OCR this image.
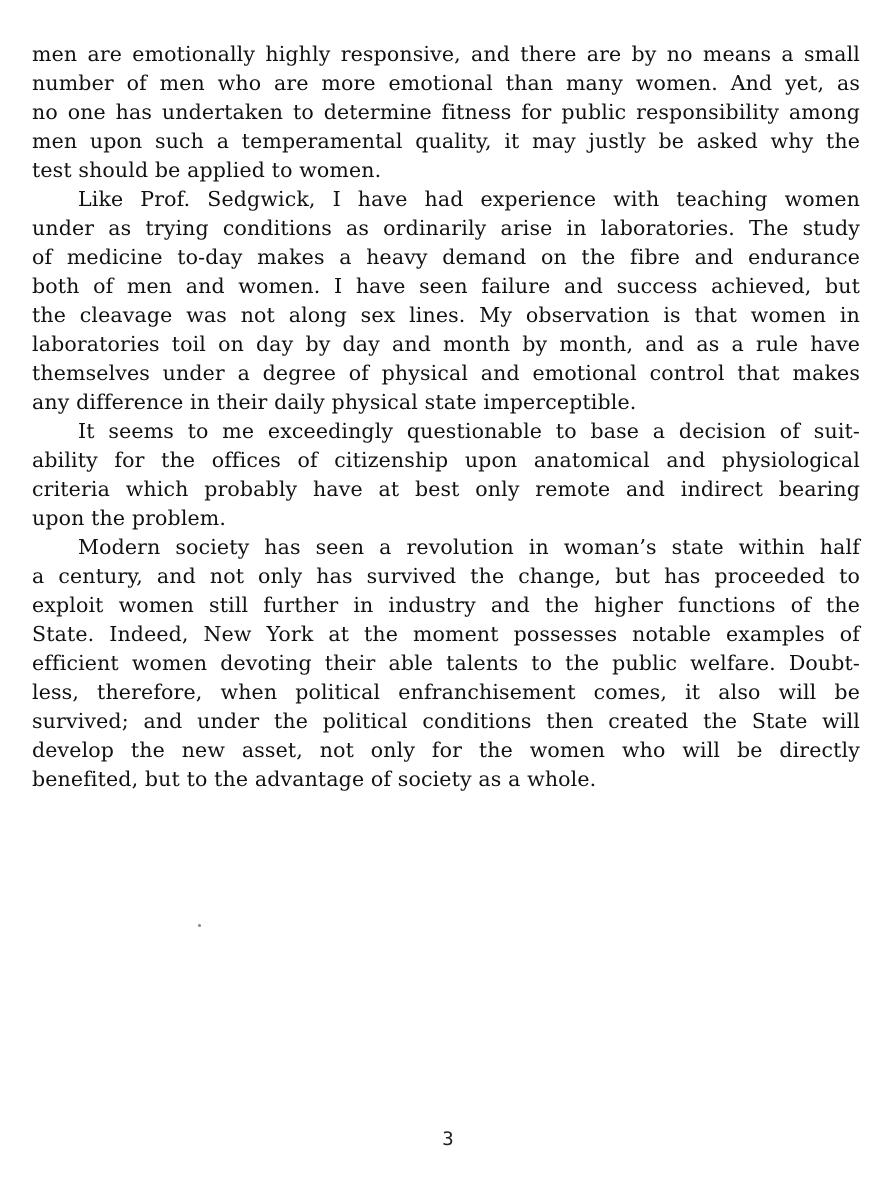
men are emotionally highly responsive, and there are by no means a small
number of men who are more emotional than many women. And yet, as
no one has undertaken to determine fitness for public responsibility among
men upon such a temperamental quality, it may justly be asked why the
test should be applied to women.
Like Prof. Sedgwick, I have had experience with teaching women
under as trying conditions as ordinarily arise in laboratories. The study
of medicine to-day makes a heavy demand on the fibre and endurance
both of men and women. I have seen failure and success achieved, but
the cleavage was not along sex lines. My observation is that women in
laboratories toil on day by day and month by month, and as a rule have
themselves under a degree of physical and emotional control that makes
any difference in their daily physical state imperceptible.
It seems to me exceedingly questionable to base a decision of suit-
ability for the offices of citizenship upon anatomical and physiological
criteria which probably have at best only remote and indirect bearing
upon the problem.
Modern society has seen a revolution in woman’s state within half
a century, and not only has survived the change, but has proceeded to
exploit women still further in industry and the higher functions of the
State. Indeed, New York at the moment possesses notable examples of
efficient women devoting their able talents to the public welfare. Doubt-
less, therefore, when political enfranchisement comes, it also will be
survived; and under the political conditions then created the State will
develop the new asset, not only for the women who will be directly
benefited, but to the advantage of society as a whole.
3
